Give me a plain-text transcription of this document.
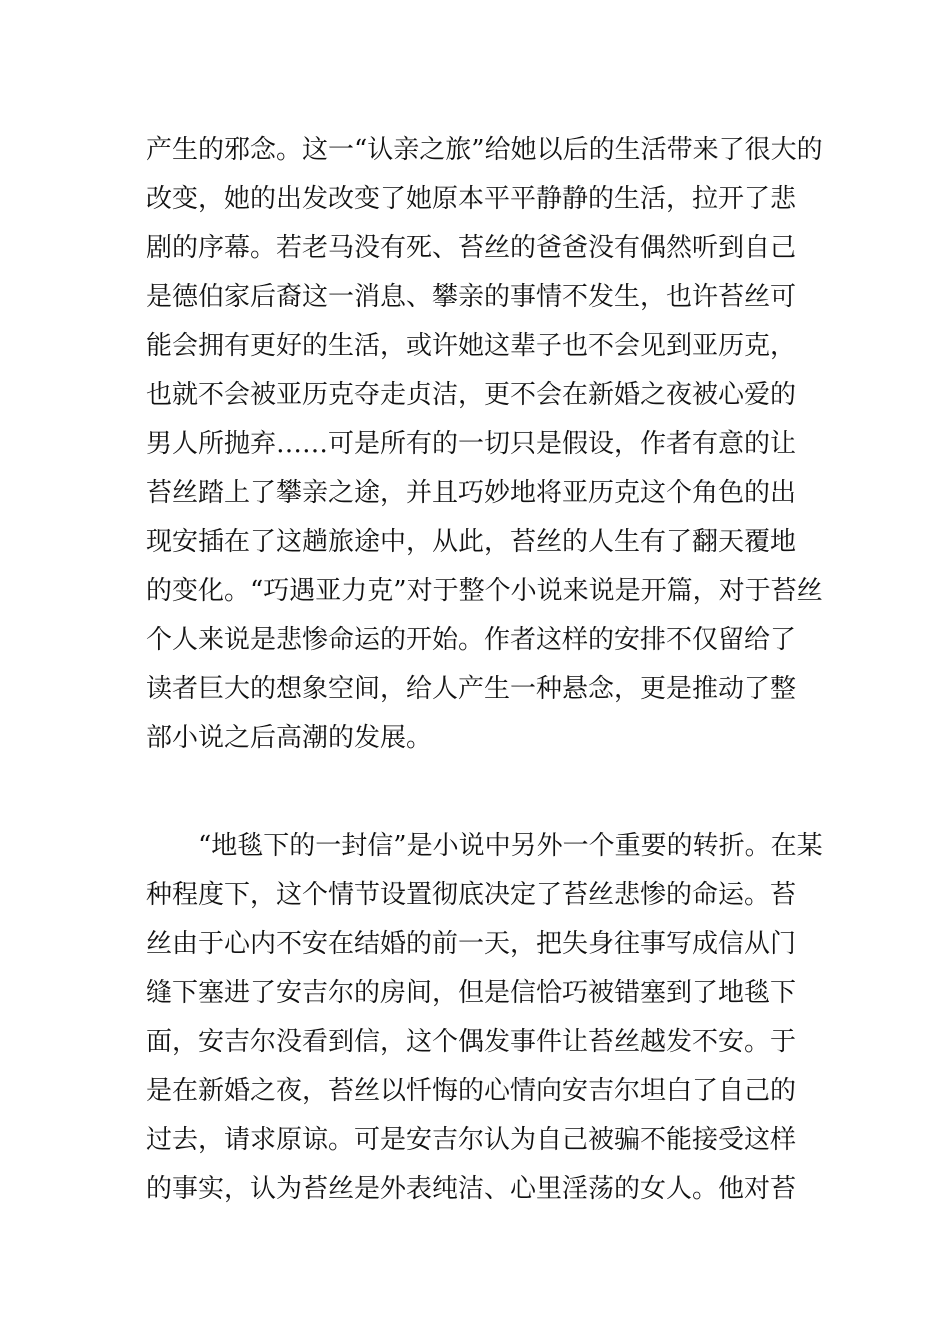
产生的邪念。这一“认亲之旅”给她以后的生活带来了很大的
改变，她的出发改变了她原本平平静静的生活，拉开了悲
剧的序幕。若老马没有死、苔丝的爸爸没有偶然听到自己
是德伯家后裔这一消息、攀亲的事情不发生，也许苔丝可
能会拥有更好的生活，或许她这辈子也不会见到亚历克，
也就不会被亚历克夺走贞洁，更不会在新婚之夜被心爱的
男人所抛弃……可是所有的一切只是假设，作者有意的让
苔丝踏上了攀亲之途，并且巧妙地将亚历克这个角色的出
现安插在了这趟旅途中，从此，苔丝的人生有了翻天覆地
的变化。“巧遇亚力克”对于整个小说来说是开篇，对于苔丝
个人来说是悲惨命运的开始。作者这样的安排不仅留给了
读者巨大的想象空间，给人产生一种悬念，更是推动了整
部小说之后高潮的发展。
“地毯下的一封信”是小说中另外一个重要的转折。在某
种程度下，这个情节设置彻底决定了苔丝悲惨的命运。苔
丝由于心内不安在结婚的前一天，把失身往事写成信从门
缝下塞进了安吉尔的房间，但是信恰巧被错塞到了地毯下
面，安吉尔没看到信，这个偶发事件让苔丝越发不安。于
是在新婚之夜，苔丝以忏悔的心情向安吉尔坦白了自己的
过去，请求原谅。可是安吉尔认为自己被骗不能接受这样
的事实，认为苔丝是外表纯洁、心里淫荡的女人。他对苔
